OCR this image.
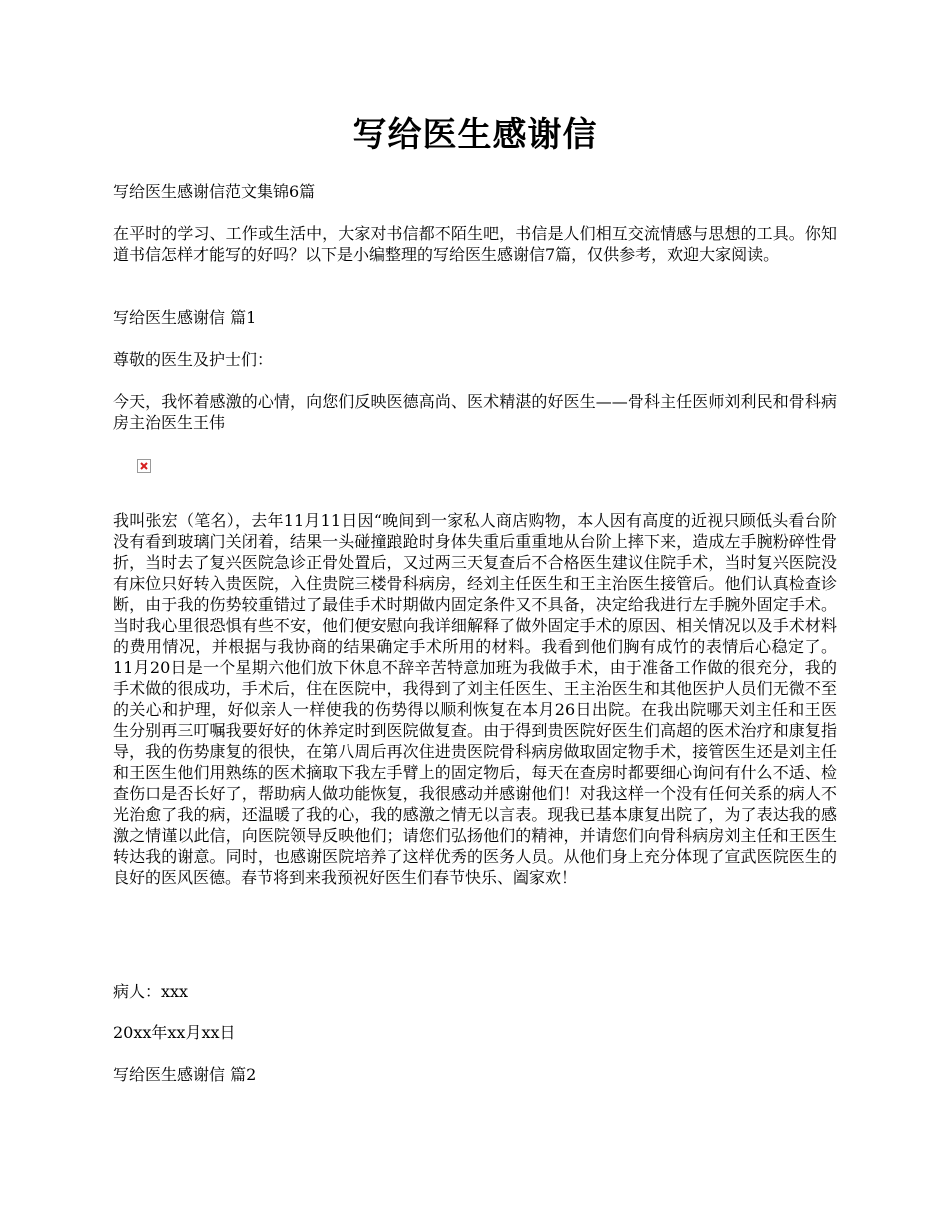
写给医生感谢信

写给医生感谢信范文集锦6篇

在平时的学习、工作或生活中，大家对书信都不陌生吧，书信是人们相互交流情感与思想的工具。你知道书信怎样才能写的好吗？以下是小编整理的写给医生感谢信7篇，仅供参考，欢迎大家阅读。

写给医生感谢信 篇1

尊敬的医生及护士们：

今天，我怀着感激的心情，向您们反映医德高尚、医术精湛的好医生——骨科主任医师刘利民和骨科病房主治医生王伟

我叫张宏（笔名），去年11月11日因“晚间到一家私人商店购物，本人因有高度的近视只顾低头看台阶没有看到玻璃门关闭着，结果一头碰撞踉跄时身体失重后重重地从台阶上摔下来，造成左手腕粉碎性骨折，当时去了复兴医院急诊正骨处置后，又过两三天复查后不合格医生建议住院手术，当时复兴医院没有床位只好转入贵医院，入住贵院三楼骨科病房，经刘主任医生和王主治医生接管后。他们认真检查诊断，由于我的伤势较重错过了最佳手术时期做内固定条件又不具备，决定给我进行左手腕外固定手术。当时我心里很恐惧有些不安，他们便安慰向我详细解释了做外固定手术的原因、相关情况以及手术材料的费用情况，并根据与我协商的结果确定手术所用的材料。我看到他们胸有成竹的表情后心稳定了。11月20日是一个星期六他们放下休息不辞辛苦特意加班为我做手术，由于准备工作做的很充分，我的手术做的很成功，手术后，住在医院中，我得到了刘主任医生、王主治医生和其他医护人员们无微不至的关心和护理，好似亲人一样使我的伤势得以顺利恢复在本月26日出院。在我出院哪天刘主任和王医生分别再三叮嘱我要好好的休养定时到医院做复查。由于得到贵医院好医生们高超的医术治疗和康复指导，我的伤势康复的很快，在第八周后再次住进贵医院骨科病房做取固定物手术，接管医生还是刘主任和王医生他们用熟练的医术摘取下我左手臂上的固定物后，每天在查房时都要细心询问有什么不适、检查伤口是否长好了，帮助病人做功能恢复，我很感动并感谢他们！对我这样一个没有任何关系的病人不光治愈了我的病，还温暖了我的心，我的感激之情无以言表。现我已基本康复出院了，为了表达我的感激之情谨以此信，向医院领导反映他们；请您们弘扬他们的精神，并请您们向骨科病房刘主任和王医生转达我的谢意。同时，也感谢医院培养了这样优秀的医务人员。从他们身上充分体现了宣武医院医生的良好的医风医德。春节将到来我预祝好医生们春节快乐、阖家欢！

病人：xxx

20xx年xx月xx日

写给医生感谢信 篇2
